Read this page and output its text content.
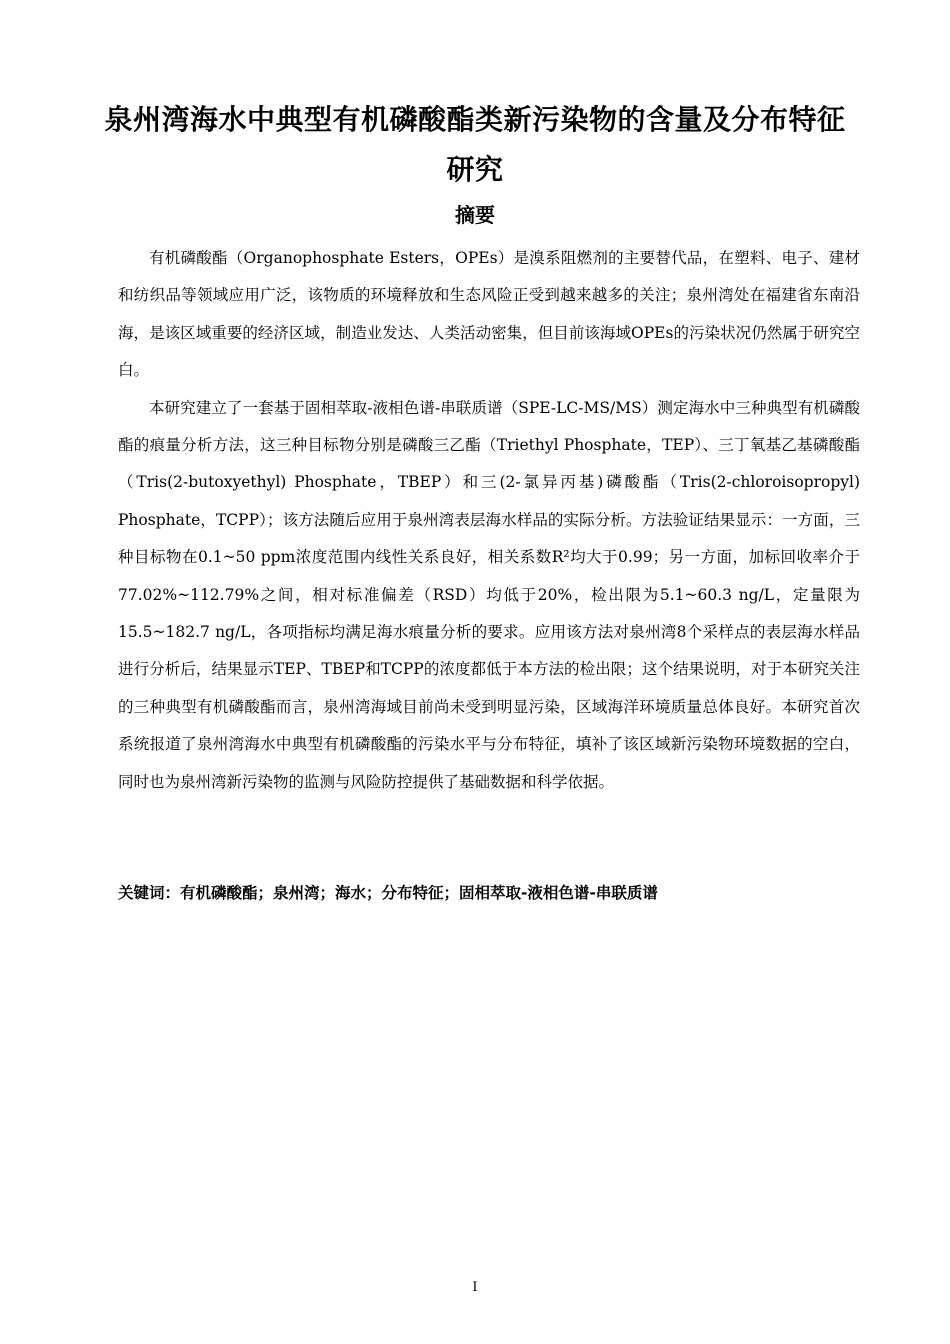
泉州湾海水中典型有机磷酸酯类新污染物的含量及分布特征研究
摘要

有机磷酸酯（Organophosphate Esters，OPEs）是溴系阻燃剂的主要替代品，在塑料、电子、建材和纺织品等领域应用广泛，该物质的环境释放和生态风险正受到越来越多的关注；泉州湾处在福建省东南沿海，是该区域重要的经济区域，制造业发达、人类活动密集，但目前该海域OPEs的污染状况仍然属于研究空白。

本研究建立了一套基于固相萃取-液相色谱-串联质谱（SPE-LC-MS/MS）测定海水中三种典型有机磷酸酯的痕量分析方法，这三种目标物分别是磷酸三乙酯（Triethyl Phosphate，TEP）、三丁氧基乙基磷酸酯（Tris(2-butoxyethyl) Phosphate，TBEP）和三(2-氯异丙基)磷酸酯（Tris(2-chloroisopropyl) Phosphate，TCPP）；该方法随后应用于泉州湾表层海水样品的实际分析。方法验证结果显示：一方面，三种目标物在0.1~50 ppm浓度范围内线性关系良好，相关系数R²均大于0.99；另一方面，加标回收率介于77.02%~112.79%之间，相对标准偏差（RSD）均低于20%，检出限为5.1~60.3 ng/L，定量限为15.5~182.7 ng/L，各项指标均满足海水痕量分析的要求。应用该方法对泉州湾8个采样点的表层海水样品进行分析后，结果显示TEP、TBEP和TCPP的浓度都低于本方法的检出限；这个结果说明，对于本研究关注的三种典型有机磷酸酯而言，泉州湾海域目前尚未受到明显污染，区域海洋环境质量总体良好。本研究首次系统报道了泉州湾海水中典型有机磷酸酯的污染水平与分布特征，填补了该区域新污染物环境数据的空白，同时也为泉州湾新污染物的监测与风险防控提供了基础数据和科学依据。

关键词：有机磷酸酯；泉州湾；海水；分布特征；固相萃取-液相色谱-串联质谱

I
